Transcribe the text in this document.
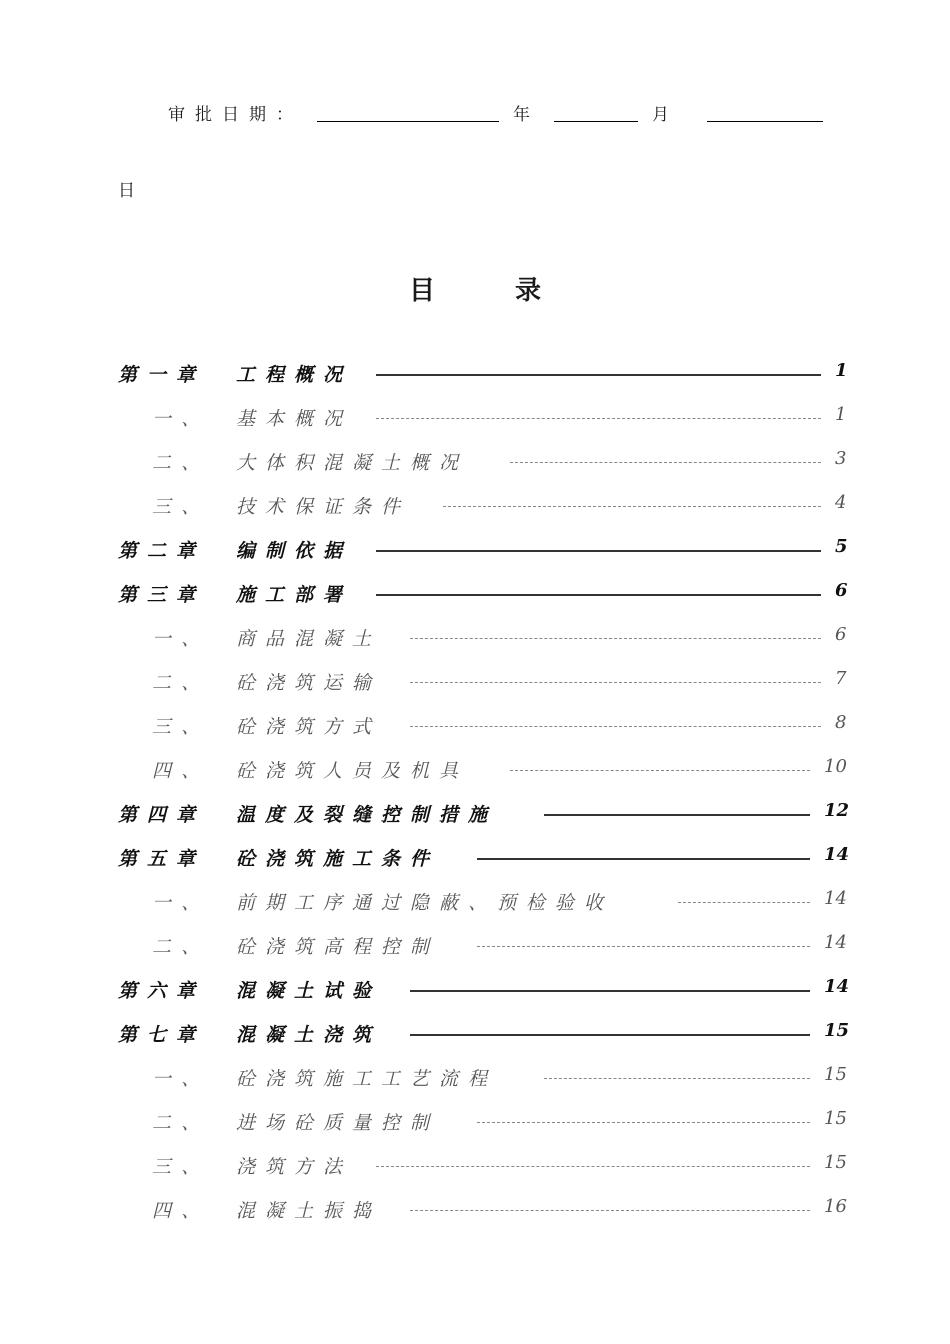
审批日期：	年	月
日
目	录
第一章 工程概况	1
一、 基本概况	1
二、 大体积混凝土概况	3
三、 技术保证条件	4
第二章 编制依据	5
第三章 施工部署	6
一、 商品混凝土	6
二、 砼浇筑运输	7
三、 砼浇筑方式	8
四、 砼浇筑人员及机具	10
第四章 温度及裂缝控制措施	12
第五章 砼浇筑施工条件	14
一、 前期工序通过隐蔽、预检验收	14
二、 砼浇筑高程控制	14
第六章 混凝土试验	14
第七章 混凝土浇筑	15
一、 砼浇筑施工工艺流程	15
二、 进场砼质量控制	15
三、 浇筑方法	15
四、 混凝土振捣	16
